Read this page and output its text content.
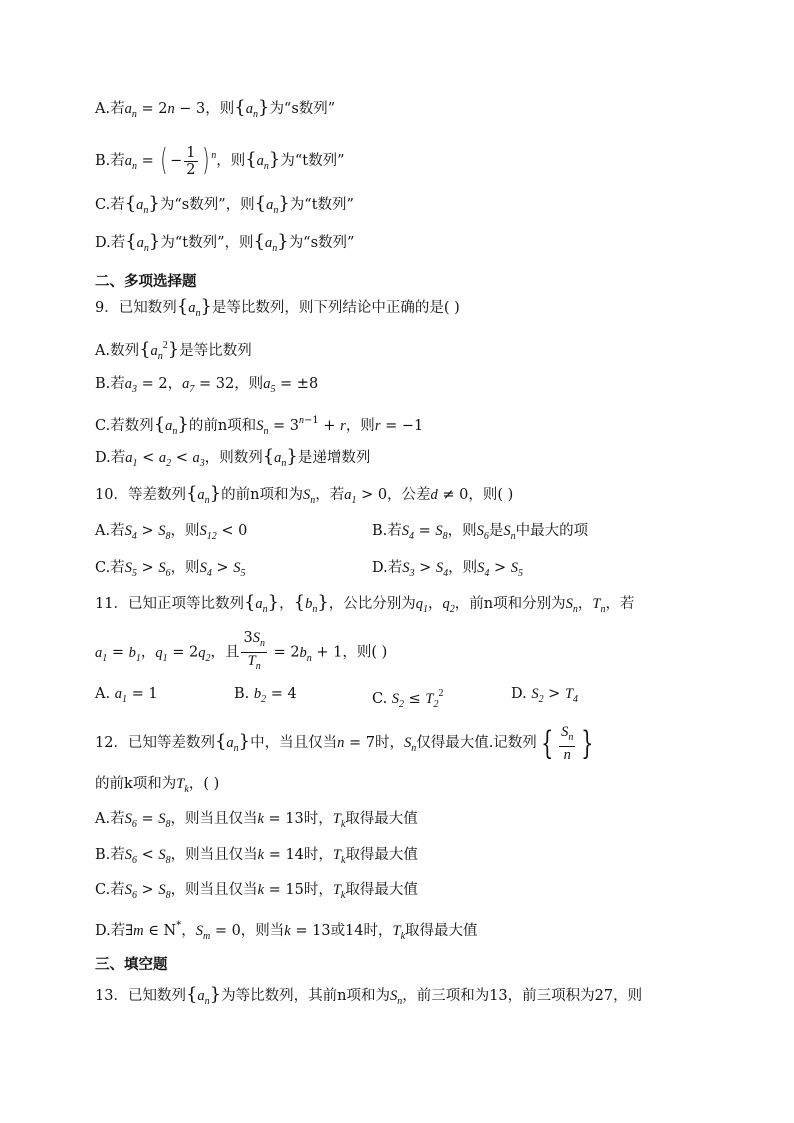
A.若$a_n = 2n - 3$，则$\{a_n\}$为“s数列”
B.若$a_n$ = ( − $\frac{1}{2}$ ) $^n$，则$\{a_n\}$为“t数列”
C.若$\{a_n\}$为“s数列”，则$\{a_n\}$为“t数列”
D.若$\{a_n\}$为“t数列”，则$\{a_n\}$为“s数列”
二、多项选择题
9．已知数列$\{a_n\}$是等比数列，则下列结论中正确的是( )
A.数列$\{a_n^2\}$是等比数列
B.若$a_3 = 2$，$a_7 = 32$，则$a_5 = \pm 8$
C.若数列$\{a_n\}$的前n项和$S_n = 3^{n-1} + r$，则r = −1
D.若$a_1 < a_2 < a_3$，则数列$\{a_n\}$是递增数列
10．等差数列$\{a_n\}$的前n项和为$S_n$，若$a_1 > 0$，公差d ≠ 0，则( )
A.若$S_4 > S_8$，则$S_{12} < 0$	B.若$S_4 = S_8$，则$S_6$是$S_n$中最大的项
C.若$S_5 > S_6$，则$S_4 > S_5$	D.若$S_3 > S_4$，则$S_4 > S_5$
11．已知正项等比数列$\{a_n\}$，$\{b_n\}$，公比分别为$q_1$，$q_2$，前n项和分别为$S_n$，$T_n$，若
$a_1 = b_1$，$q_1 = 2q_2$，且 $\frac{3S_n}{T_n} = 2b_n + 1$，则( )
A. $a_1 = 1$	B. $b_2 = 4$	C. $S_2 \le T_2^2$	D. $S_2 > T_4$
12．已知等差数列$\{a_n\}$中，当且仅当n = 7时，$S_n$仅得最大值.记数列 { $\frac{S_n}{n}$ }
的前k项和为$T_k$，( )
A.若$S_6 = S_8$，则当且仅当k = 13时，$T_k$取得最大值
B.若$S_6 < S_8$，则当且仅当k = 14时，$T_k$取得最大值
C.若$S_6 > S_8$，则当且仅当k = 15时，$T_k$取得最大值
D.若∃m ∈ N*，$S_m = 0$，则当k = 13或14时，$T_k$取得最大值
三、填空题
13．已知数列$\{a_n\}$为等比数列，其前n项和为$S_n$，前三项和为13，前三项积为27，则
